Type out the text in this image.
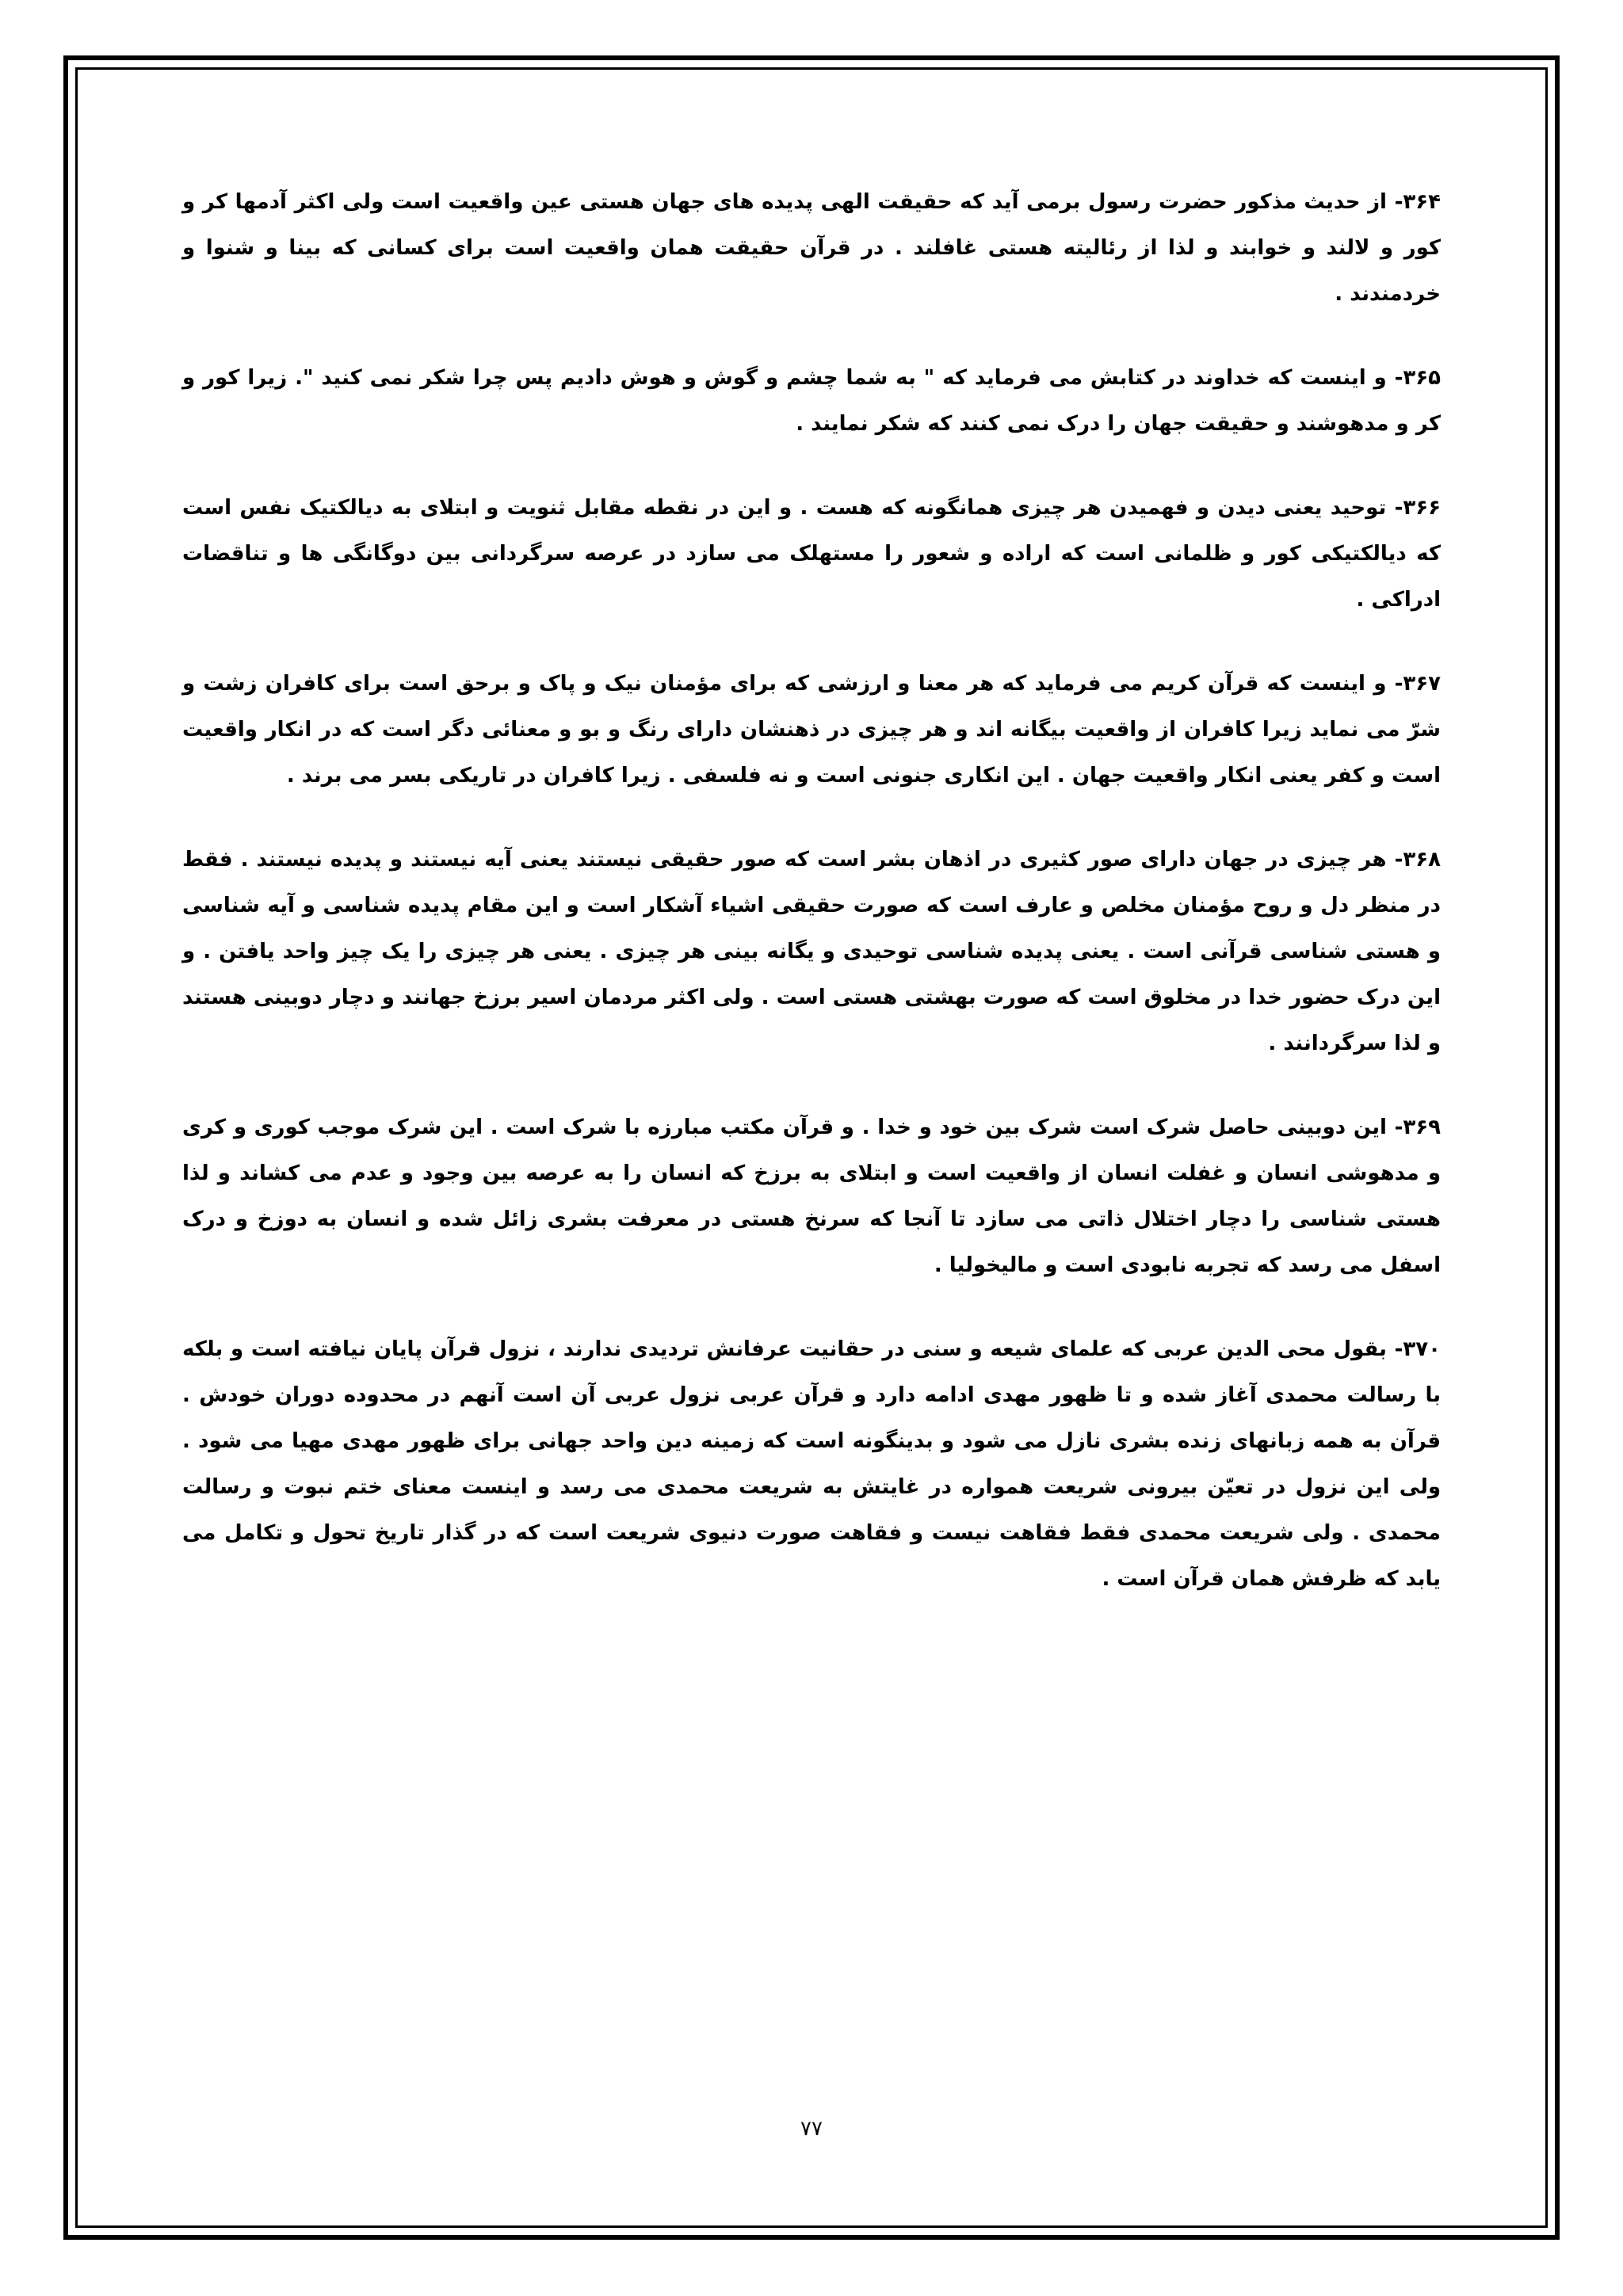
۳۶۴- از حدیث مذکور حضرت رسول برمی آید که حقیقت الهی پدیده های جهان هستی عین واقعیت است ولی اکثر آدمها کر و کور و لالند و خوابند و لذا از رئالیته هستی غافلند . در قرآن حقیقت همان واقعیت است برای کسانی که بینا و شنوا و خردمندند .

۳۶۵- و اینست که خداوند در کتابش می فرماید که " به شما چشم و گوش و هوش دادیم پس چرا شکر نمی کنید ". زیرا کور و کر و مدهوشند و حقیقت جهان را درک نمی کنند که شکر نمایند .

۳۶۶- توحید یعنی دیدن و فهمیدن هر چیزی همانگونه که هست . و این در نقطه مقابل ثنویت و ابتلای به دیالکتیک نفس است که دیالکتیکی کور و ظلمانی است که اراده و شعور را مستهلک می سازد در عرصه سرگردانی بین دوگانگی ها و تناقضات ادراکی .

۳۶۷- و اینست که قرآن کریم می فرماید که هر معنا و ارزشی که برای مؤمنان نیک و پاک و برحق است برای کافران زشت و شرّ می نماید زیرا کافران از واقعیت بیگانه اند و هر چیزی در ذهنشان دارای رنگ و بو و معنائی دگر است که در انکار واقعیت است و کفر یعنی انکار واقعیت جهان . این انکاری جنونی است و نه فلسفی . زیرا کافران در تاریکی بسر می برند .

۳۶۸- هر چیزی در جهان دارای صور کثیری در اذهان بشر است که صور حقیقی نیستند یعنی آیه نیستند و پدیده نیستند . فقط در منظر دل و روح مؤمنان مخلص و عارف است که صورت حقیقی اشیاء آشکار است و این مقام پدیده شناسی و آیه شناسی و هستی شناسی قرآنی است . یعنی پدیده شناسی توحیدی و یگانه بینی هر چیزی . یعنی هر چیزی را یک چیز واحد یافتن . و این درک حضور خدا در مخلوق است که صورت بهشتی هستی است . ولی اکثر مردمان اسیر برزخ جهانند و دچار دوبینی هستند و لذا سرگردانند .

۳۶۹- این دوبینی حاصل شرک است شرک بین خود و خدا . و قرآن مکتب مبارزه با شرک است . این شرک موجب کوری و کری و مدهوشی انسان و غفلت انسان از واقعیت است و ابتلای به برزخ که انسان را به عرصه بین وجود و عدم می کشاند و لذا هستی شناسی را دچار اختلال ذاتی می سازد تا آنجا که سرنخ هستی در معرفت بشری زائل شده و انسان به دوزخ و درک اسفل می رسد که تجربه نابودی است و مالیخولیا .

۳۷۰- بقول محی الدین عربی که علمای شیعه و سنی در حقانیت عرفانش تردیدی ندارند ، نزول قرآن پایان نیافته است و بلکه با رسالت محمدی آغاز شده و تا ظهور مهدی ادامه دارد و قرآن عربی نزول عربی آن است آنهم در محدوده دوران خودش . قرآن به همه زبانهای زنده بشری نازل می شود و بدینگونه است که زمینه دین واحد جهانی برای ظهور مهدی مهیا می شود . ولی این نزول در تعیّن بیرونی شریعت همواره در غایتش به شریعت محمدی می رسد و اینست معنای ختم نبوت و رسالت محمدی . ولی شریعت محمدی فقط فقاهت نیست و فقاهت صورت دنیوی شریعت است که در گذار تاریخ تحول و تکامل می یابد که ظرفش همان قرآن است .

۷۷
